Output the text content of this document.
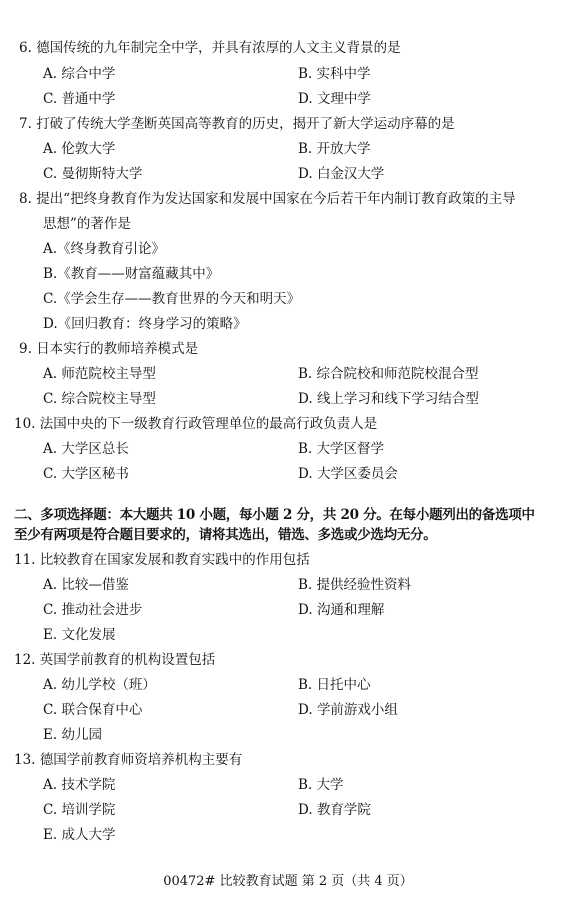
6. 德国传统的九年制完全中学，并具有浓厚的人文主义背景的是
A. 综合中学	B. 实科中学
C. 普通中学	D. 文理中学
7. 打破了传统大学垄断英国高等教育的历史，揭开了新大学运动序幕的是
A. 伦敦大学	B. 开放大学
C. 曼彻斯特大学	D. 白金汉大学
8. 提出“把终身教育作为发达国家和发展中国家在今后若干年内制订教育政策的主导
思想”的著作是
A.《终身教育引论》
B.《教育——财富蕴藏其中》
C.《学会生存——教育世界的今天和明天》
D.《回归教育：终身学习的策略》
9. 日本实行的教师培养模式是
A. 师范院校主导型	B. 综合院校和师范院校混合型
C. 综合院校主导型	D. 线上学习和线下学习结合型
10. 法国中央的下一级教育行政管理单位的最高行政负责人是
A. 大学区总长	B. 大学区督学
C. 大学区秘书	D. 大学区委员会
二、多项选择题：本大题共 10 小题，每小题 2 分，共 20 分。在每小题列出的备选项中
至少有两项是符合题目要求的，请将其选出，错选、多选或少选均无分。
11. 比较教育在国家发展和教育实践中的作用包括
A. 比较—借鉴	B. 提供经验性资料
C. 推动社会进步	D. 沟通和理解
E. 文化发展
12. 英国学前教育的机构设置包括
A. 幼儿学校（班）	B. 日托中心
C. 联合保育中心	D. 学前游戏小组
E. 幼儿园
13. 德国学前教育师资培养机构主要有
A. 技术学院	B. 大学
C. 培训学院	D. 教育学院
E. 成人大学
00472# 比较教育试题 第 2 页（共 4 页）
